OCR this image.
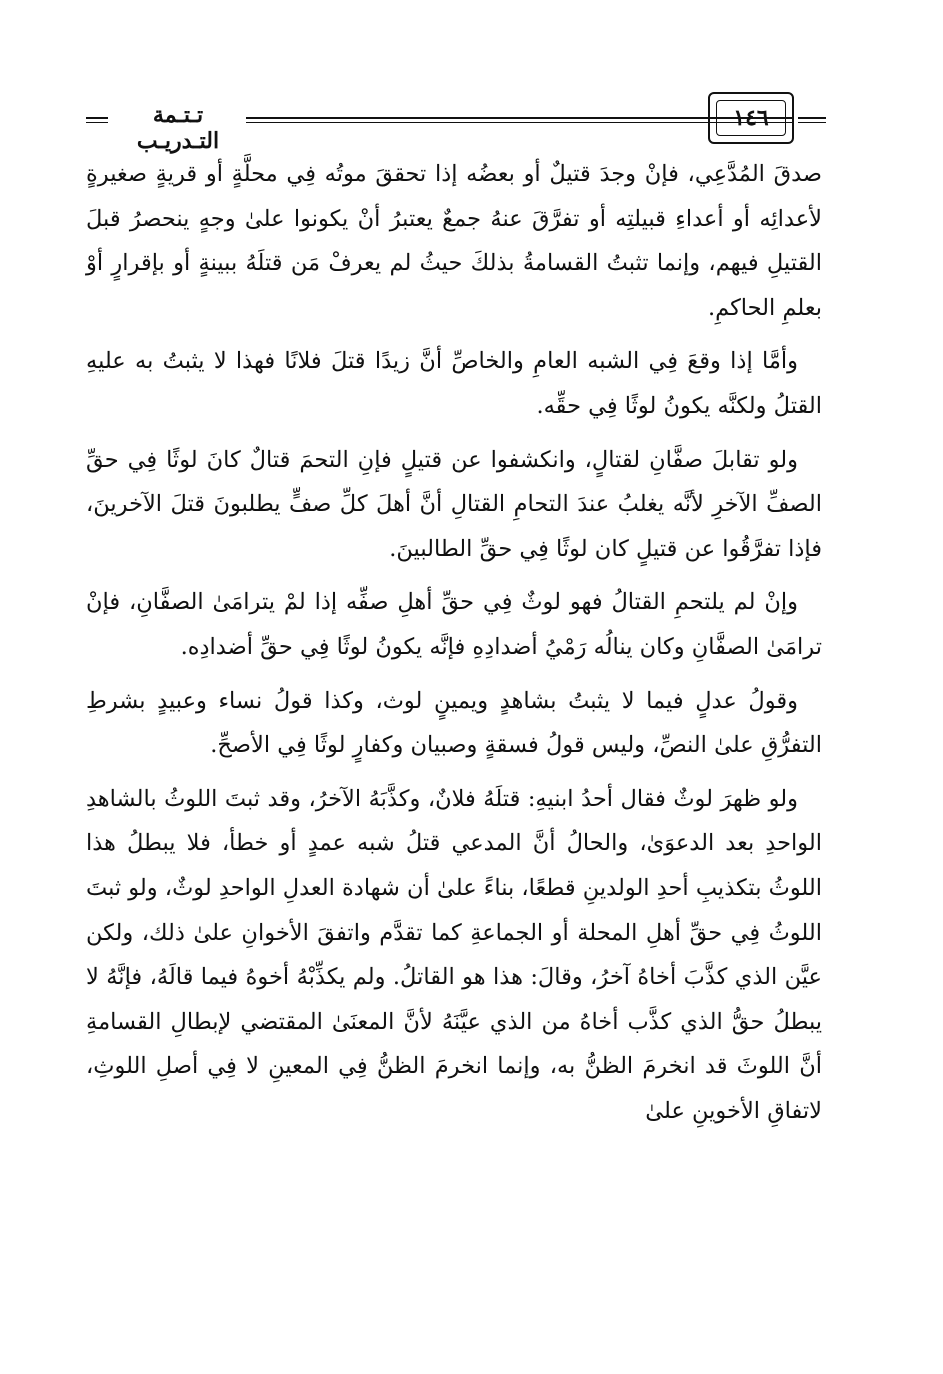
تـتـمة التـدريـب
١٤٦

صدقَ المُدَّعِي، فإنْ وجدَ قتيلٌ أو بعضُه إذا تحققَ موتُه فِي محلَّةٍ أو قريةٍ صغيرةٍ لأعدائِه أو أعداءِ قبيلتِه أو تفرَّقَ عنهُ جمعٌ يعتبرُ أنْ يكونوا علىٰ وجهٍ ينحصرُ قبلَ القتيلِ فيهم، وإنما تثبتُ القسامةُ بذلكَ حيثُ لم يعرفْ مَن قتلَهُ ببينةٍ أو بإقرارٍ أوْ بعلمِ الحاكمِ.

وأمَّا إذا وقعَ فِي الشبه العامِ والخاصِّ أنَّ زيدًا قتلَ فلانًا فهذا لا يثبتُ به عليهِ القتلُ ولكنَّه يكونُ لوثًا فِي حقِّه.

ولو تقابلَ صفَّانِ لقتالٍ، وانكشفوا عن قتيلٍ فإنِ التحمَ قتالٌ كانَ لوثًا فِي حقِّ الصفِّ الآخرِ لأنَّه يغلبُ عندَ التحامِ القتالِ أنَّ أهلَ كلِّ صفٍّ يطلبونَ قتلَ الآخرينَ، فإذا تفرَّقُوا عن قتيلٍ كان لوثًا فِي حقِّ الطالبينَ.

وإنْ لم يلتحمِ القتالُ فهو لوثٌ فِي حقِّ أهلِ صفِّه إذا لمْ يترامَىٰ الصفَّانِ، فإنْ ترامَىٰ الصفَّانِ وكان ينالُه رَمْيُ أضدادِهِ فإنَّه يكونُ لوثًا فِي حقِّ أضدادِه.

وقولُ عدلٍ فيما لا يثبتُ بشاهدٍ ويمينٍ لوث، وكذا قولُ نساء وعبيدٍ بشرطِ التفرُّقِ علىٰ النصِّ، وليس قولُ فسقةٍ وصبيان وكفارٍ لوثًا فِي الأصحِّ.

ولو ظهرَ لوثٌ فقال أحدُ ابنيهِ: قتلَهُ فلانٌ، وكذَّبَهُ الآخرُ، وقد ثبتَ اللوثُ بالشاهدِ الواحدِ بعد الدعوَىٰ، والحالُ أنَّ المدعي قتلُ شبه عمدٍ أو خطأ، فلا يبطلُ هذا اللوثُ بتكذيبِ أحدِ الولدينِ قطعًا، بناءً علىٰ أن شهادة العدلِ الواحدِ لوثٌ، ولو ثبتَ اللوثُ فِي حقِّ أهلِ المحلة أو الجماعةِ كما تقدَّم واتفقَ الأخوانِ علىٰ ذلك، ولكن عيَّن الذي كذَّبَ أخاهُ آخرُ، وقالَ: هذا هو القاتلُ. ولم يكذِّبْهُ أخوهُ فيما قالَهُ، فإنَّهُ لا يبطلُ حقُّ الذي كذَّب أخاهُ من الذي عيَّنَهُ لأنَّ المعنَىٰ المقتضي لإبطالِ القسامةِ أنَّ اللوثَ قد انخرمَ الظنُّ به، وإنما انخرمَ الظنُّ فِي المعينِ لا فِي أصلِ اللوثِ، لاتفاقِ الأخوينِ علىٰ
